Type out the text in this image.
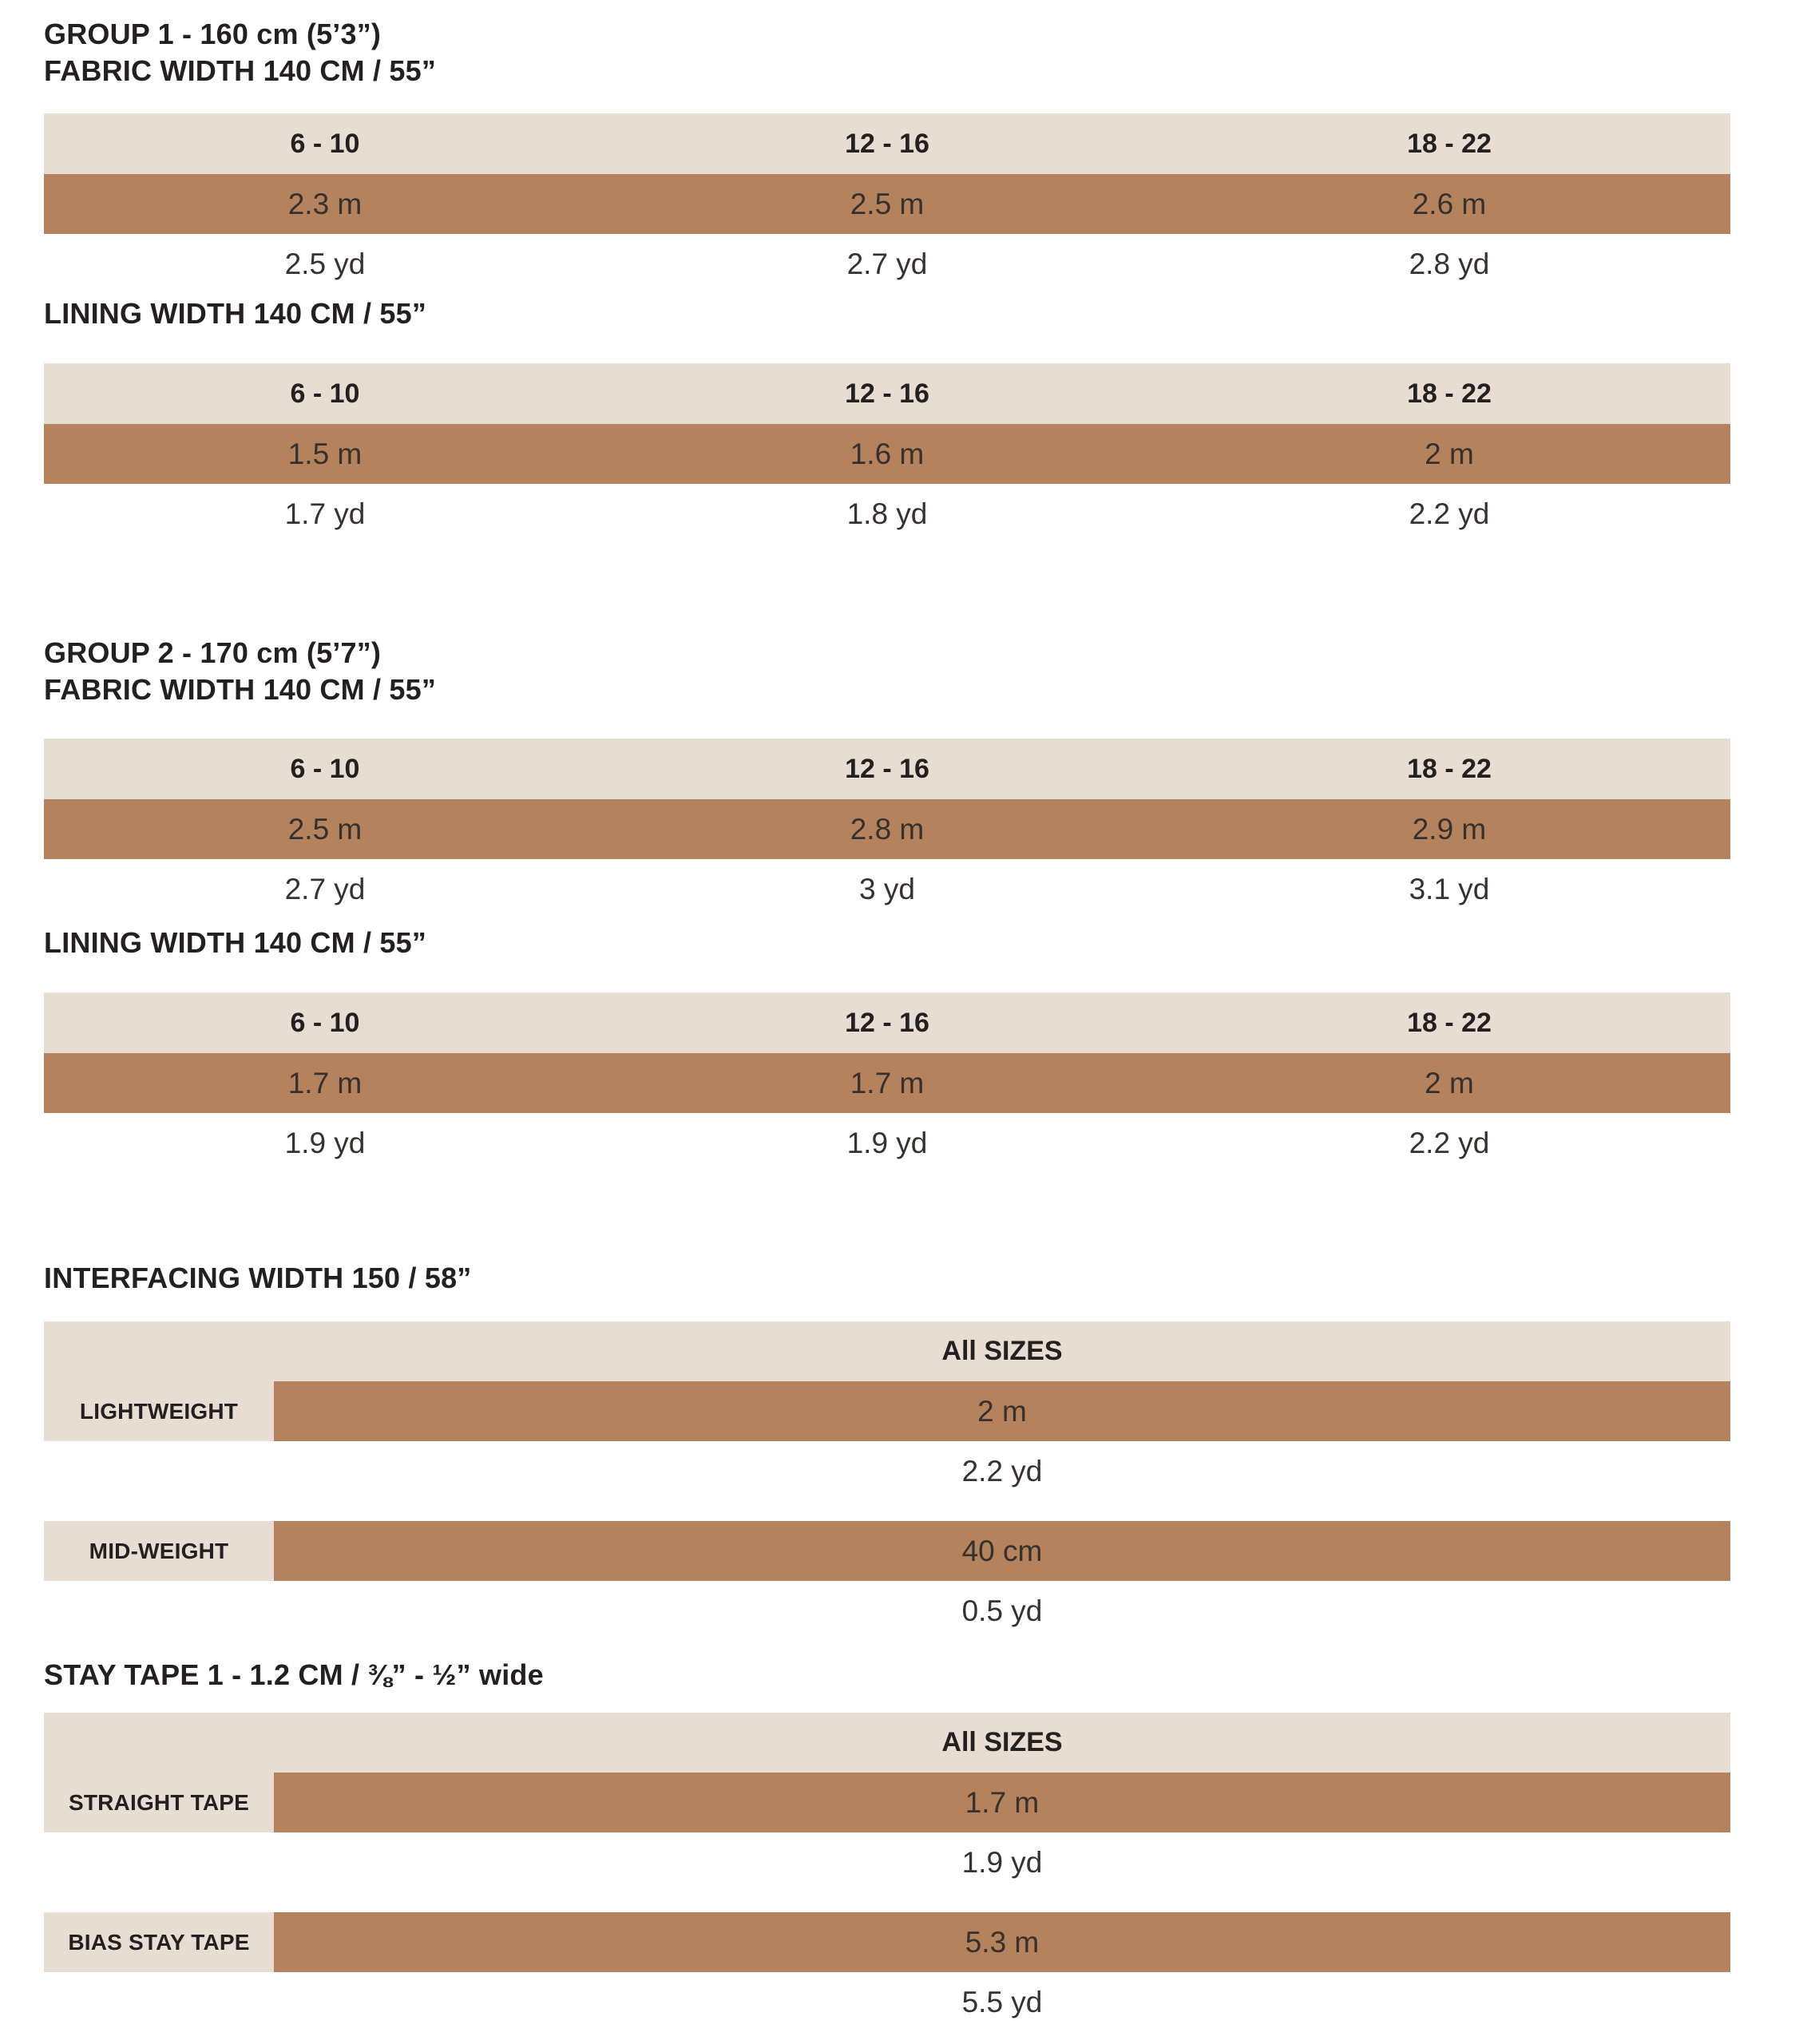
GROUP 1 - 160 cm (5’3”)
FABRIC WIDTH 140 CM / 55”
6 - 10	12 - 16	18 - 22
2.3 m	2.5 m	2.6 m
2.5 yd	2.7 yd	2.8 yd
LINING WIDTH 140 CM / 55”
6 - 10	12 - 16	18 - 22
1.5 m	1.6 m	2 m
1.7 yd	1.8 yd	2.2 yd
GROUP 2 - 170 cm (5’7”)
FABRIC WIDTH 140 CM / 55”
6 - 10	12 - 16	18 - 22
2.5 m	2.8 m	2.9 m
2.7 yd	3 yd	3.1 yd
LINING WIDTH 140 CM / 55”
6 - 10	12 - 16	18 - 22
1.7 m	1.7 m	2 m
1.9 yd	1.9 yd	2.2 yd
INTERFACING WIDTH 150 / 58”
All SIZES
LIGHTWEIGHT	2 m
2.2 yd
MID-WEIGHT	40 cm
0.5 yd
STAY TAPE 1 - 1.2 CM / ⅜” - ½” wide
All SIZES
STRAIGHT TAPE	1.7 m
1.9 yd
BIAS STAY TAPE	5.3 m
5.5 yd
